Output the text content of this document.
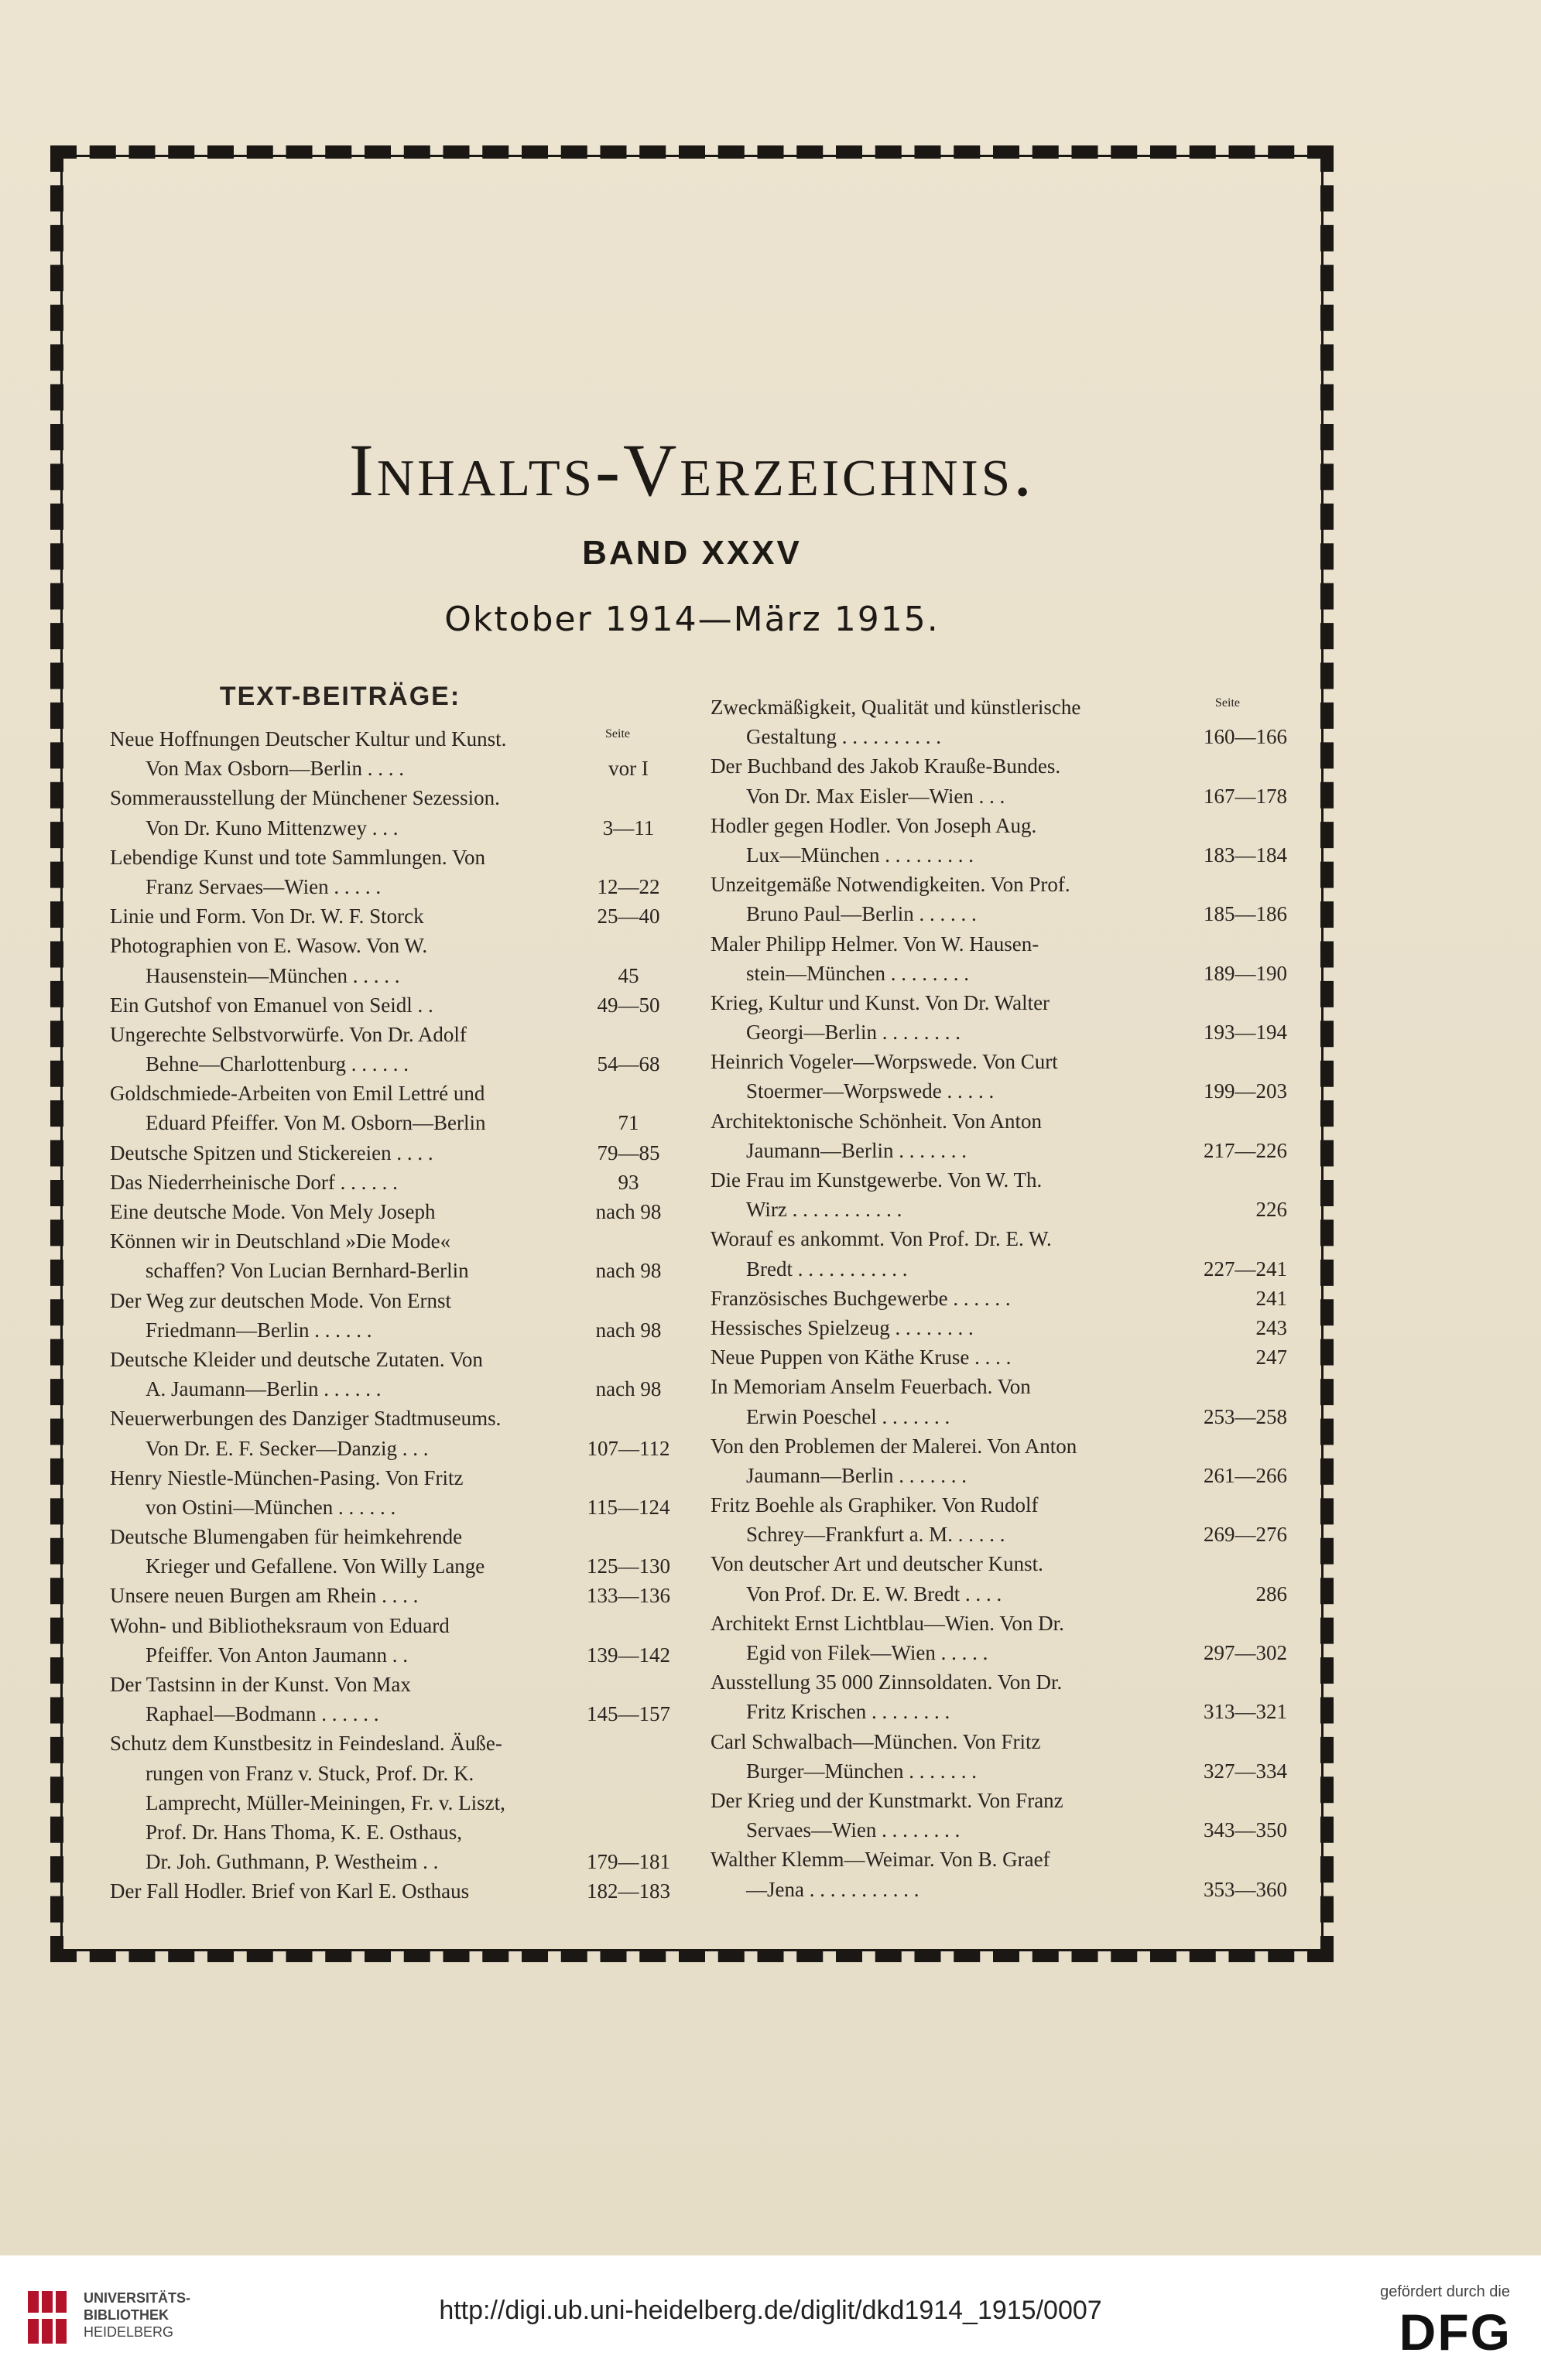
Inhalts-Verzeichnis.
BAND XXXV
Oktober 1914—März 1915.
TEXT-BEITRÄGE:
Seite
Neue Hoffnungen Deutscher Kultur und Kunst.
Von Max Osborn—Berlin . . . .	vor I
Sommerausstellung der Münchener Sezession.
Von Dr. Kuno Mittenzwey . . .	3—11
Lebendige Kunst und tote Sammlungen. Von
Franz Servaes—Wien . . . . .	12—22
Linie und Form. Von Dr. W. F. Storck	25—40
Photographien von E. Wasow. Von W.
Hausenstein—München . . . . .	45
Ein Gutshof von Emanuel von Seidl . .	49—50
Ungerechte Selbstvorwürfe. Von Dr. Adolf
Behne—Charlottenburg . . . . . .	54—68
Goldschmiede-Arbeiten von Emil Lettré und
Eduard Pfeiffer. Von M. Osborn—Berlin	71
Deutsche Spitzen und Stickereien . . . .	79—85
Das Niederrheinische Dorf . . . . . .	93
Eine deutsche Mode. Von Mely Joseph	nach 98
Können wir in Deutschland »Die Mode«
schaffen? Von Lucian Bernhard-Berlin	nach 98
Der Weg zur deutschen Mode. Von Ernst
Friedmann—Berlin . . . . . .	nach 98
Deutsche Kleider und deutsche Zutaten. Von
A. Jaumann—Berlin . . . . . .	nach 98
Neuerwerbungen des Danziger Stadtmuseums.
Von Dr. E. F. Secker—Danzig . . .	107—112
Henry Niestle-München-Pasing. Von Fritz
von Ostini—München . . . . . .	115—124
Deutsche Blumengaben für heimkehrende
Krieger und Gefallene. Von Willy Lange	125—130
Unsere neuen Burgen am Rhein . . . .	133—136
Wohn- und Bibliotheksraum von Eduard
Pfeiffer. Von Anton Jaumann . .	139—142
Der Tastsinn in der Kunst. Von Max
Raphael—Bodmann . . . . . .	145—157
Schutz dem Kunstbesitz in Feindesland. Äuße-
rungen von Franz v. Stuck, Prof. Dr. K.
Lamprecht, Müller-Meiningen, Fr. v. Liszt,
Prof. Dr. Hans Thoma, K. E. Osthaus,
Dr. Joh. Guthmann, P. Westheim . .	179—181
Der Fall Hodler. Brief von Karl E. Osthaus	182—183
Seite
Zweckmäßigkeit, Qualität und künstlerische
Gestaltung . . . . . . . . . .	160—166
Der Buchband des Jakob Krauße-Bundes.
Von Dr. Max Eisler—Wien . . .	167—178
Hodler gegen Hodler. Von Joseph Aug.
Lux—München . . . . . . . . .	183—184
Unzeitgemäße Notwendigkeiten. Von Prof.
Bruno Paul—Berlin . . . . . .	185—186
Maler Philipp Helmer. Von W. Hausen-
stein—München . . . . . . . .	189—190
Krieg, Kultur und Kunst. Von Dr. Walter
Georgi—Berlin . . . . . . . .	193—194
Heinrich Vogeler—Worpswede. Von Curt
Stoermer—Worpswede . . . . .	199—203
Architektonische Schönheit. Von Anton
Jaumann—Berlin . . . . . . .	217—226
Die Frau im Kunstgewerbe. Von W. Th.
Wirz . . . . . . . . . . .	226
Worauf es ankommt. Von Prof. Dr. E. W.
Bredt . . . . . . . . . . .	227—241
Französisches Buchgewerbe . . . . . .	241
Hessisches Spielzeug . . . . . . . .	243
Neue Puppen von Käthe Kruse . . . .	247
In Memoriam Anselm Feuerbach. Von
Erwin Poeschel . . . . . . .	253—258
Von den Problemen der Malerei. Von Anton
Jaumann—Berlin . . . . . . .	261—266
Fritz Boehle als Graphiker. Von Rudolf
Schrey—Frankfurt a. M. . . . . .	269—276
Von deutscher Art und deutscher Kunst.
Von Prof. Dr. E. W. Bredt . . . .	286
Architekt Ernst Lichtblau—Wien. Von Dr.
Egid von Filek—Wien . . . . .	297—302
Ausstellung 35 000 Zinnsoldaten. Von Dr.
Fritz Krischen . . . . . . . .	313—321
Carl Schwalbach—München. Von Fritz
Burger—München . . . . . . .	327—334
Der Krieg und der Kunstmarkt. Von Franz
Servaes—Wien . . . . . . . .	343—350
Walther Klemm—Weimar. Von B. Graef
—Jena . . . . . . . . . . .	353—360
UNIVERSITÄTS-
BIBLIOTHEK
HEIDELBERG
http://digi.ub.uni-heidelberg.de/diglit/dkd1914_1915/0007
gefördert durch die
DFG
